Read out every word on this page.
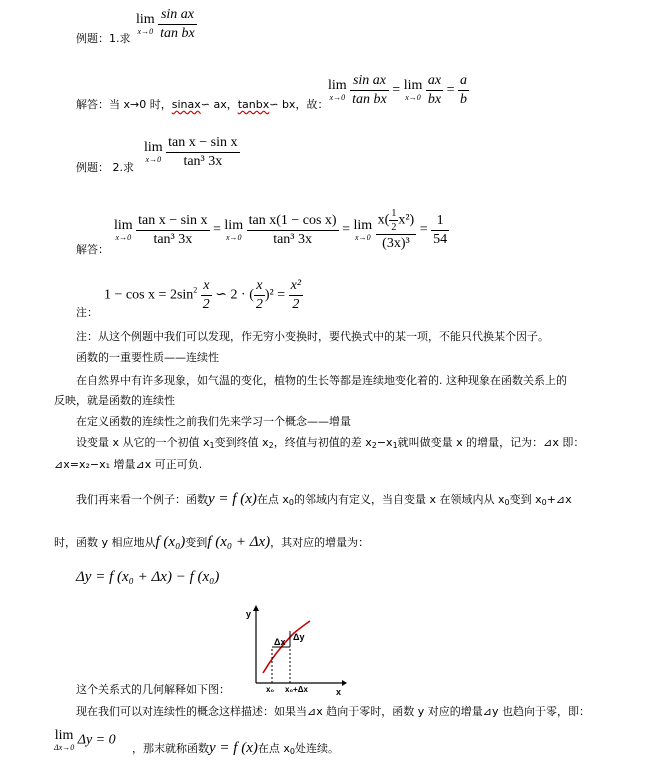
例题：1.求
lim
x→0
$\frac{\text{sin ax}}{\text{tan bx}}$
解答：当 x→0 时，sinax∽ ax，tanbx∽ bx，故：
lim
x→0
$\frac{\text{sin ax}}{\text{tan bx}} = \lim$
x→0
$\frac{ax}{bx} = \frac{a}{b}$
例题： 2.求
lim
x→0
$\frac{\text{tan x − sin x}}{\text{tan³ 3x}}$
解答：
lim
x→0
$\frac{\text{tan x − sin x}}{\text{tan³ 3x}} = \lim$
x→0
$\frac{\text{tan x(1 − cos x)}}{\text{tan³ 3x}} = \lim$
x→0
$\frac{x( \frac{1}{2} x^2)}{\text{(3x)³}} = \frac{1}{54}$
注：
$1 - \cos x = 2\sin^2 \frac{x}{2}$ ∽ 2 · ( $\frac{x}{2} )^2 = \frac{\text{x²}}{2}$
注：从这个例题中我们可以发现，作无穷小变换时，要代换式中的某一项，不能只代换某个因子。
函数的一重要性质——连续性
在自然界中有许多现象，如气温的变化，植物的生长等都是连续地变化着的. 这种现象在函数关系上的
反映，就是函数的连续性
在定义函数的连续性之前我们先来学习一个概念——增量
设变量 x 从它的一个初值 $x_1$变到终值 $x_2$，终值与初值的差 $x_2-x_1$就叫做变量 x 的增量，记为：⊿x 即：
⊿x=x₂−x₁ 增量⊿x 可正可负.
我们再来看一个例子：函数y = f (x)在点 $x_0$的邻域内有定义，当自变量 x 在领域内从 $x_0$变到 $x_0+⊿x$
时，函数 y 相应地从f (x₀)变到f (x₀ + Δx)，其对应的增量为：
Δy = f (x₀ + Δx) − f (x₀)
y
x
Δx Δy
x₀ x₀+Δx
这个关系式的几何解释如下图：
现在我们可以对连续性的概念这样描述：如果当⊿x 趋向于零时，函数 y 对应的增量⊿y 也趋向于零，即：
lim
Δx→0 Δy = 0
，那末就称函数y = f (x)在点 $x_0$处连续。
